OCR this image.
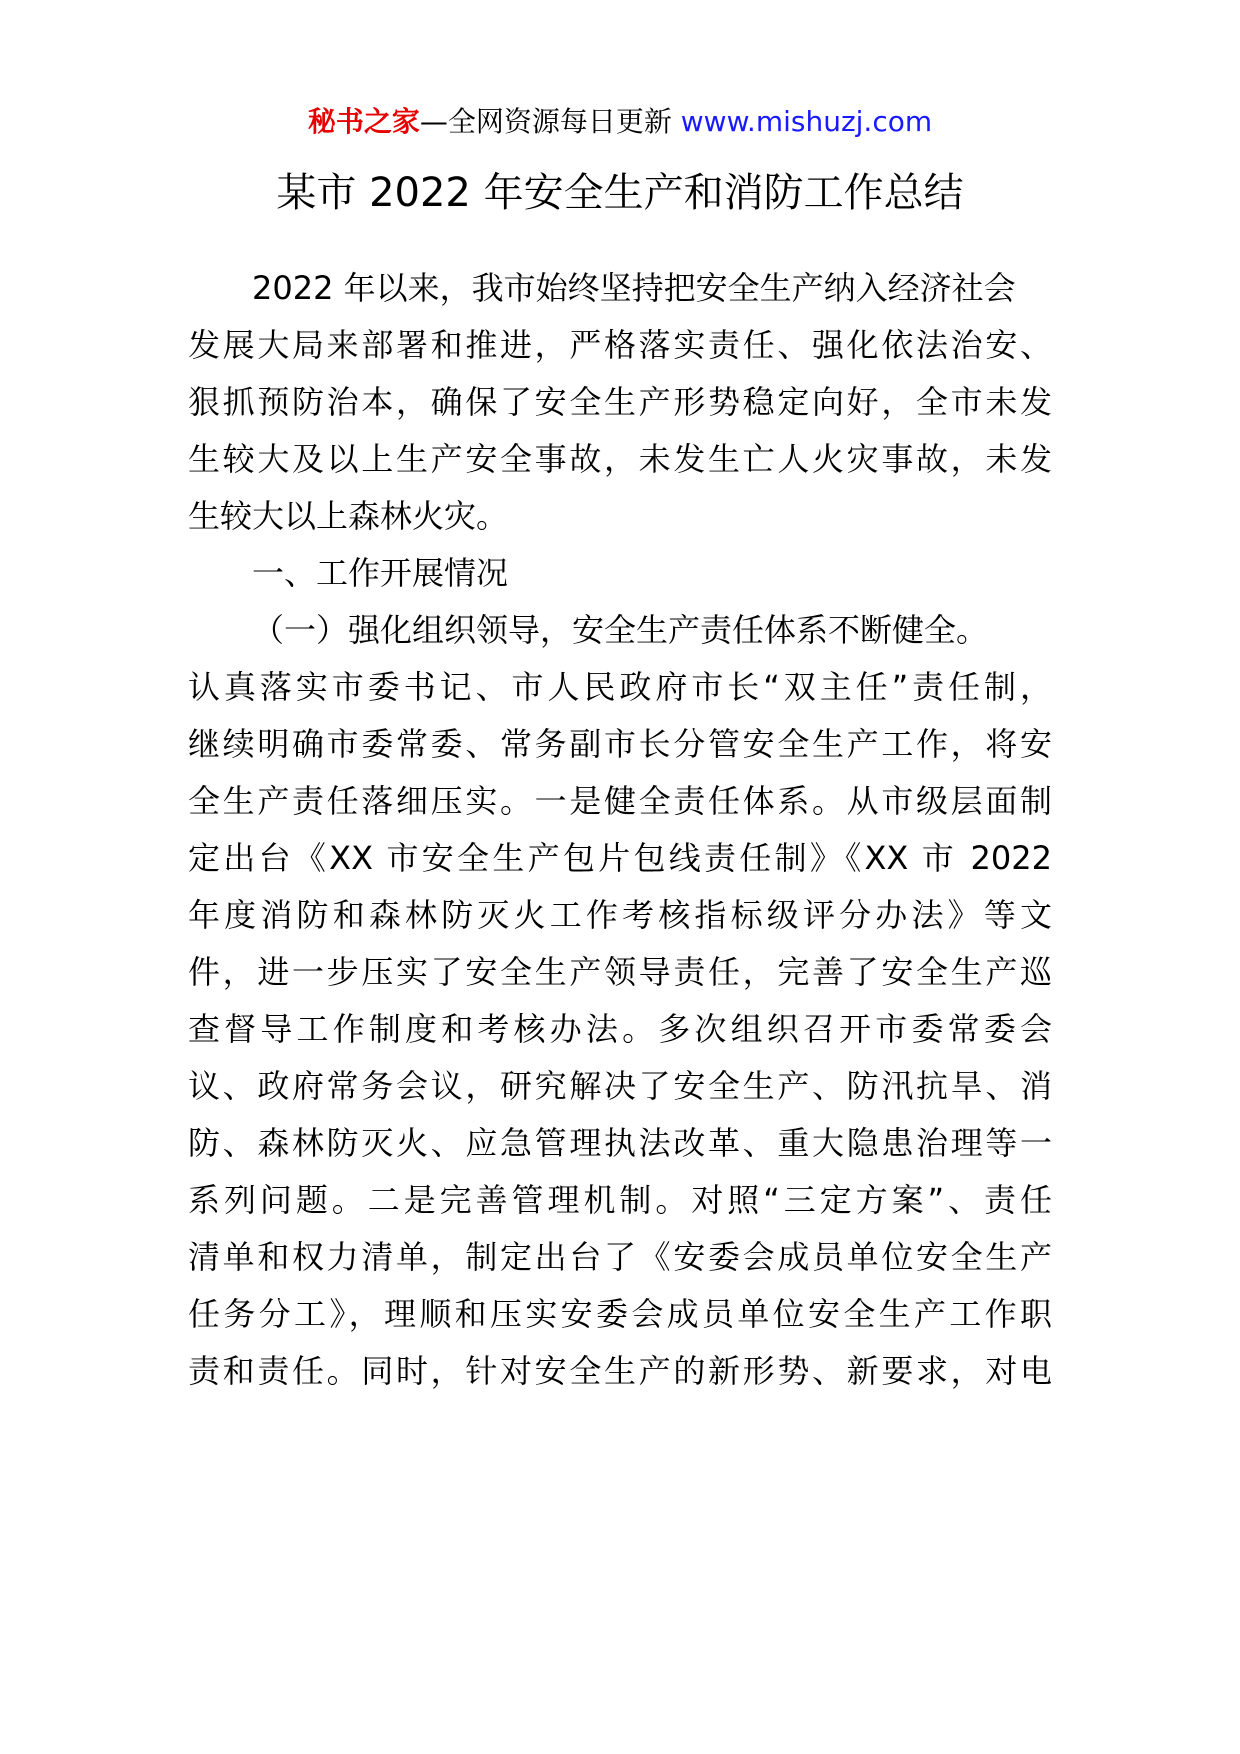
秘书之家—全网资源每日更新 www.mishuzj.com
某市 2022 年安全生产和消防工作总结
2022 年以来，我市始终坚持把安全生产纳入经济社会
发展大局来部署和推进，严格落实责任、强化依法治安、
狠抓预防治本，确保了安全生产形势稳定向好，全市未发
生较大及以上生产安全事故，未发生亡人火灾事故，未发
生较大以上森林火灾。
一、工作开展情况
（一）强化组织领导，安全生产责任体系不断健全。
认真落实市委书记、市人民政府市长“双主任”责任制，
继续明确市委常委、常务副市长分管安全生产工作，将安
全生产责任落细压实。一是健全责任体系。从市级层面制
定出台《XX 市安全生产包片包线责任制》《XX 市 2022
年度消防和森林防灭火工作考核指标级评分办法》等文
件，进一步压实了安全生产领导责任，完善了安全生产巡
查督导工作制度和考核办法。多次组织召开市委常委会
议、政府常务会议，研究解决了安全生产、防汛抗旱、消
防、森林防灭火、应急管理执法改革、重大隐患治理等一
系列问题。二是完善管理机制。对照“三定方案”、责任
清单和权力清单，制定出台了《安委会成员单位安全生产
任务分工》，理顺和压实安委会成员单位安全生产工作职
责和责任。同时，针对安全生产的新形势、新要求，对电
